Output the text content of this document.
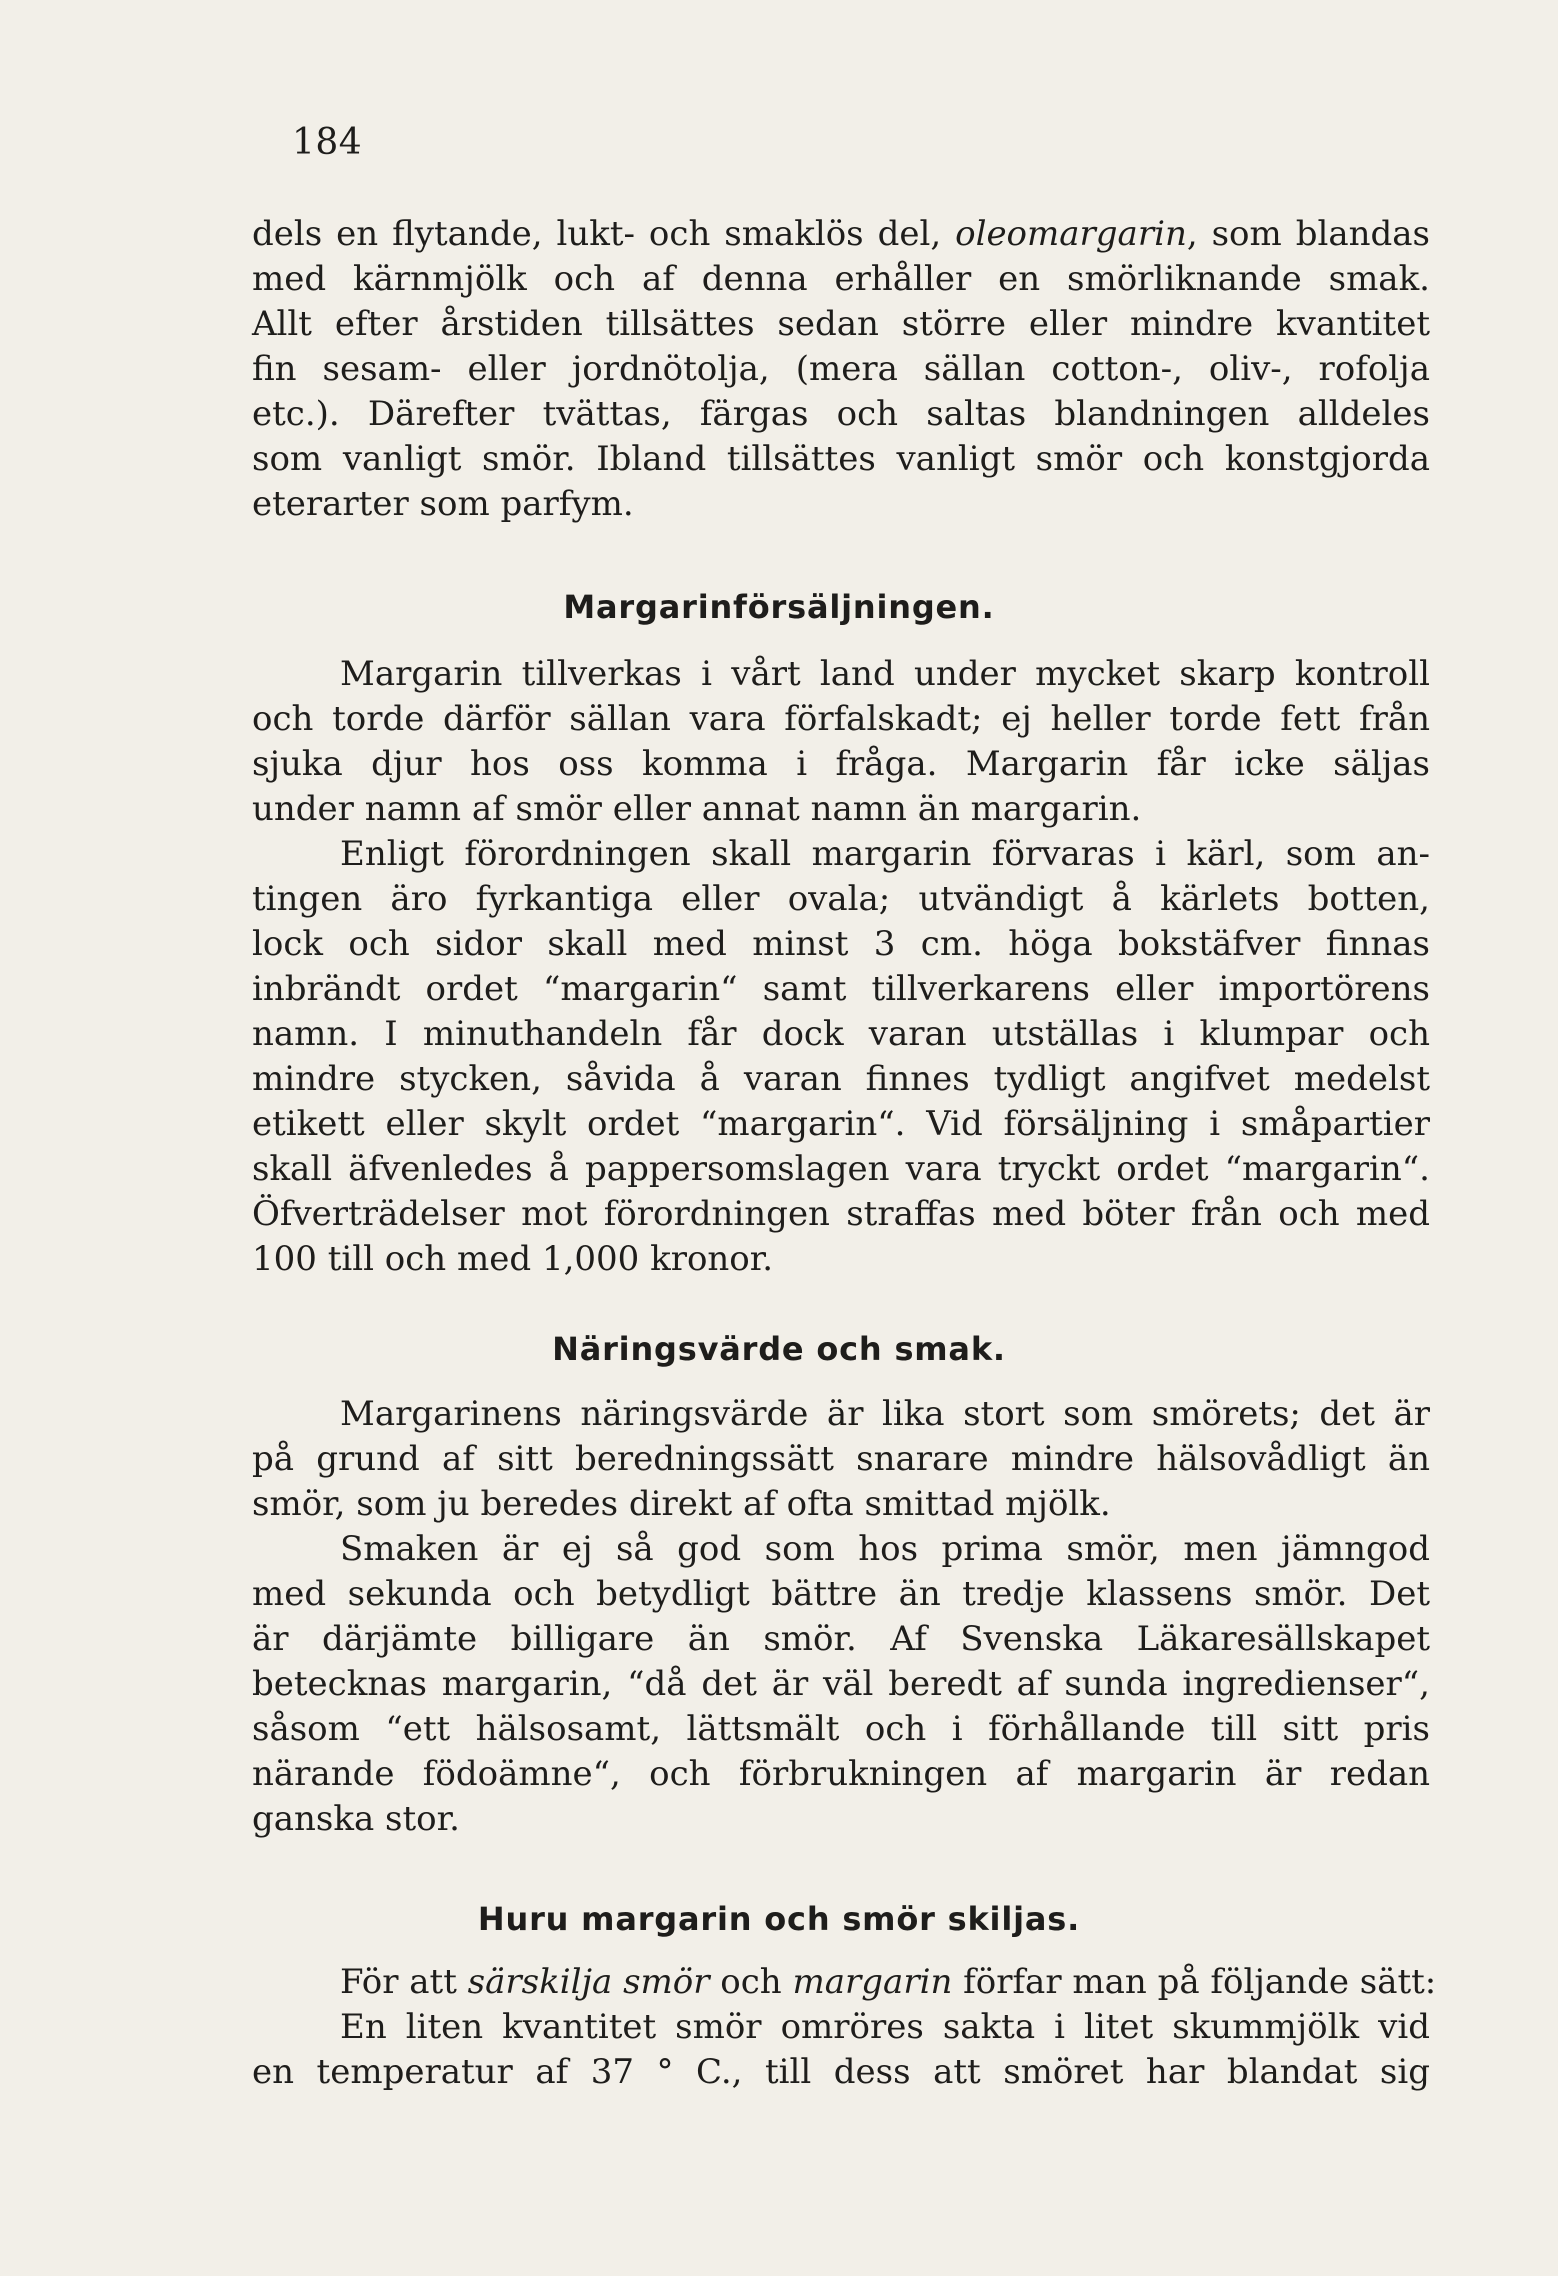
184
dels en flytande, lukt- och smaklös del, oleomargarin, som blandas
med kärnmjölk och af denna erhåller en smörliknande smak.
Allt efter årstiden tillsättes sedan större eller mindre kvantitet
fin sesam- eller jordnötolja, (mera sällan cotton-, oliv-, rofolja
etc.). Därefter tvättas, färgas och saltas blandningen alldeles
som vanligt smör. Ibland tillsättes vanligt smör och konstgjorda
eterarter som parfym.
Margarinförsäljningen.
Margarin tillverkas i vårt land under mycket skarp kontroll
och torde därför sällan vara förfalskadt; ej heller torde fett från
sjuka djur hos oss komma i fråga. Margarin får icke säljas
under namn af smör eller annat namn än margarin.
Enligt förordningen skall margarin förvaras i kärl, som an-
tingen äro fyrkantiga eller ovala; utvändigt å kärlets botten,
lock och sidor skall med minst 3 cm. höga bokstäfver finnas
inbrändt ordet “margarin“ samt tillverkarens eller importörens
namn. I minuthandeln får dock varan utställas i klumpar och
mindre stycken, såvida å varan finnes tydligt angifvet medelst
etikett eller skylt ordet “margarin“. Vid försäljning i småpartier
skall äfvenledes å pappersomslagen vara tryckt ordet “margarin“.
Öfverträdelser mot förordningen straffas med böter från och med
100 till och med 1,000 kronor.
Näringsvärde och smak.
Margarinens näringsvärde är lika stort som smörets; det är
på grund af sitt beredningssätt snarare mindre hälsovådligt än
smör, som ju beredes direkt af ofta smittad mjölk.
Smaken är ej så god som hos prima smör, men jämngod
med sekunda och betydligt bättre än tredje klassens smör. Det
är därjämte billigare än smör. Af Svenska Läkaresällskapet
betecknas margarin, “då det är väl beredt af sunda ingredienser“,
såsom “ett hälsosamt, lättsmält och i förhållande till sitt pris
närande födoämne“, och förbrukningen af margarin är redan
ganska stor.
Huru margarin och smör skiljas.
För att särskilja smör och margarin förfar man på följande sätt:
En liten kvantitet smör omröres sakta i litet skummjölk vid
en temperatur af 37 ° C., till dess att smöret har blandat sig
